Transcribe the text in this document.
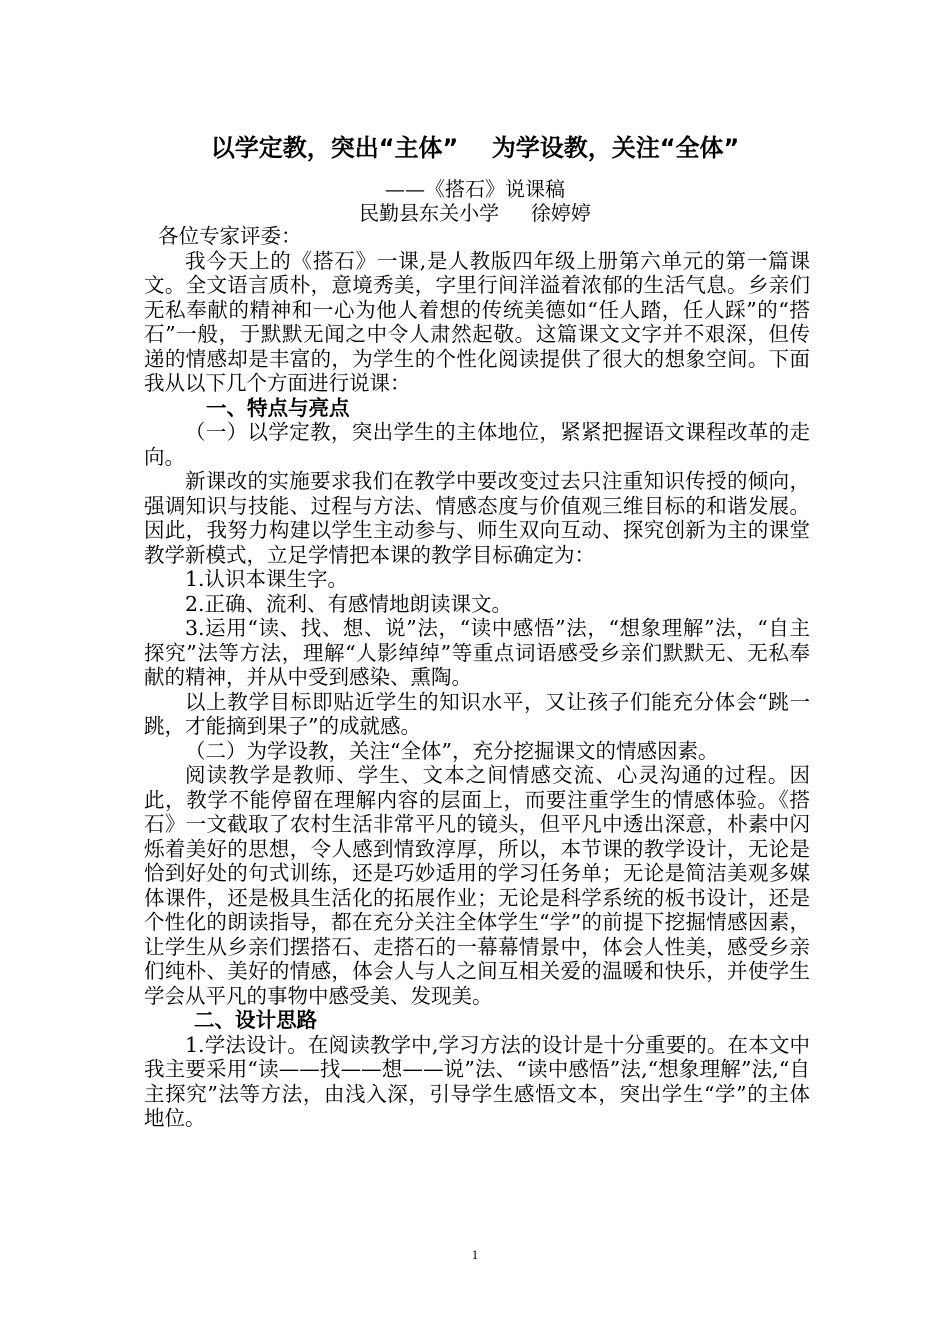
以学定教，突出“主体”    为学设教，关注“全体”
——《搭石》说课稿
民勤县东关小学     徐婷婷

各位专家评委：

我今天上的《搭石》一课,是人教版四年级上册第六单元的第一篇课文。全文语言质朴，意境秀美，字里行间洋溢着浓郁的生活气息。乡亲们无私奉献的精神和一心为他人着想的传统美德如“任人踏，任人踩”的“搭石”一般，于默默无闻之中令人肃然起敬。这篇课文文字并不艰深，但传递的情感却是丰富的，为学生的个性化阅读提供了很大的想象空间。下面我从以下几个方面进行说课：

一、特点与亮点

（一）以学定教，突出学生的主体地位，紧紧把握语文课程改革的走向。

新课改的实施要求我们在教学中要改变过去只注重知识传授的倾向，强调知识与技能、过程与方法、情感态度与价值观三维目标的和谐发展。因此，我努力构建以学生主动参与、师生双向互动、探究创新为主的课堂教学新模式，立足学情把本课的教学目标确定为：

1.认识本课生字。

2.正确、流利、有感情地朗读课文。

3.运用“读、找、想、说”法，“读中感悟”法，“想象理解”法，“自主探究”法等方法，理解“人影绰绰”等重点词语感受乡亲们默默无、无私奉献的精神，并从中受到感染、熏陶。

以上教学目标即贴近学生的知识水平，又让孩子们能充分体会“跳一跳，才能摘到果子”的成就感。

（二）为学设教，关注“全体”，充分挖掘课文的情感因素。

阅读教学是教师、学生、文本之间情感交流、心灵沟通的过程。因此，教学不能停留在理解内容的层面上，而要注重学生的情感体验。《搭石》一文截取了农村生活非常平凡的镜头，但平凡中透出深意，朴素中闪烁着美好的思想，令人感到情致淳厚，所以，本节课的教学设计，无论是恰到好处的句式训练，还是巧妙适用的学习任务单；无论是简洁美观多媒体课件，还是极具生活化的拓展作业；无论是科学系统的板书设计，还是个性化的朗读指导，都在充分关注全体学生“学”的前提下挖掘情感因素，让学生从乡亲们摆搭石、走搭石的一幕幕情景中，体会人性美，感受乡亲们纯朴、美好的情感，体会人与人之间互相关爱的温暖和快乐，并使学生学会从平凡的事物中感受美、发现美。

二、设计思路

1.学法设计。在阅读教学中,学习方法的设计是十分重要的。在本文中我主要采用“读——找——想——说”法、“读中感悟”法,“想象理解”法,“自主探究”法等方法，由浅入深，引导学生感悟文本，突出学生“学”的主体地位。

1
